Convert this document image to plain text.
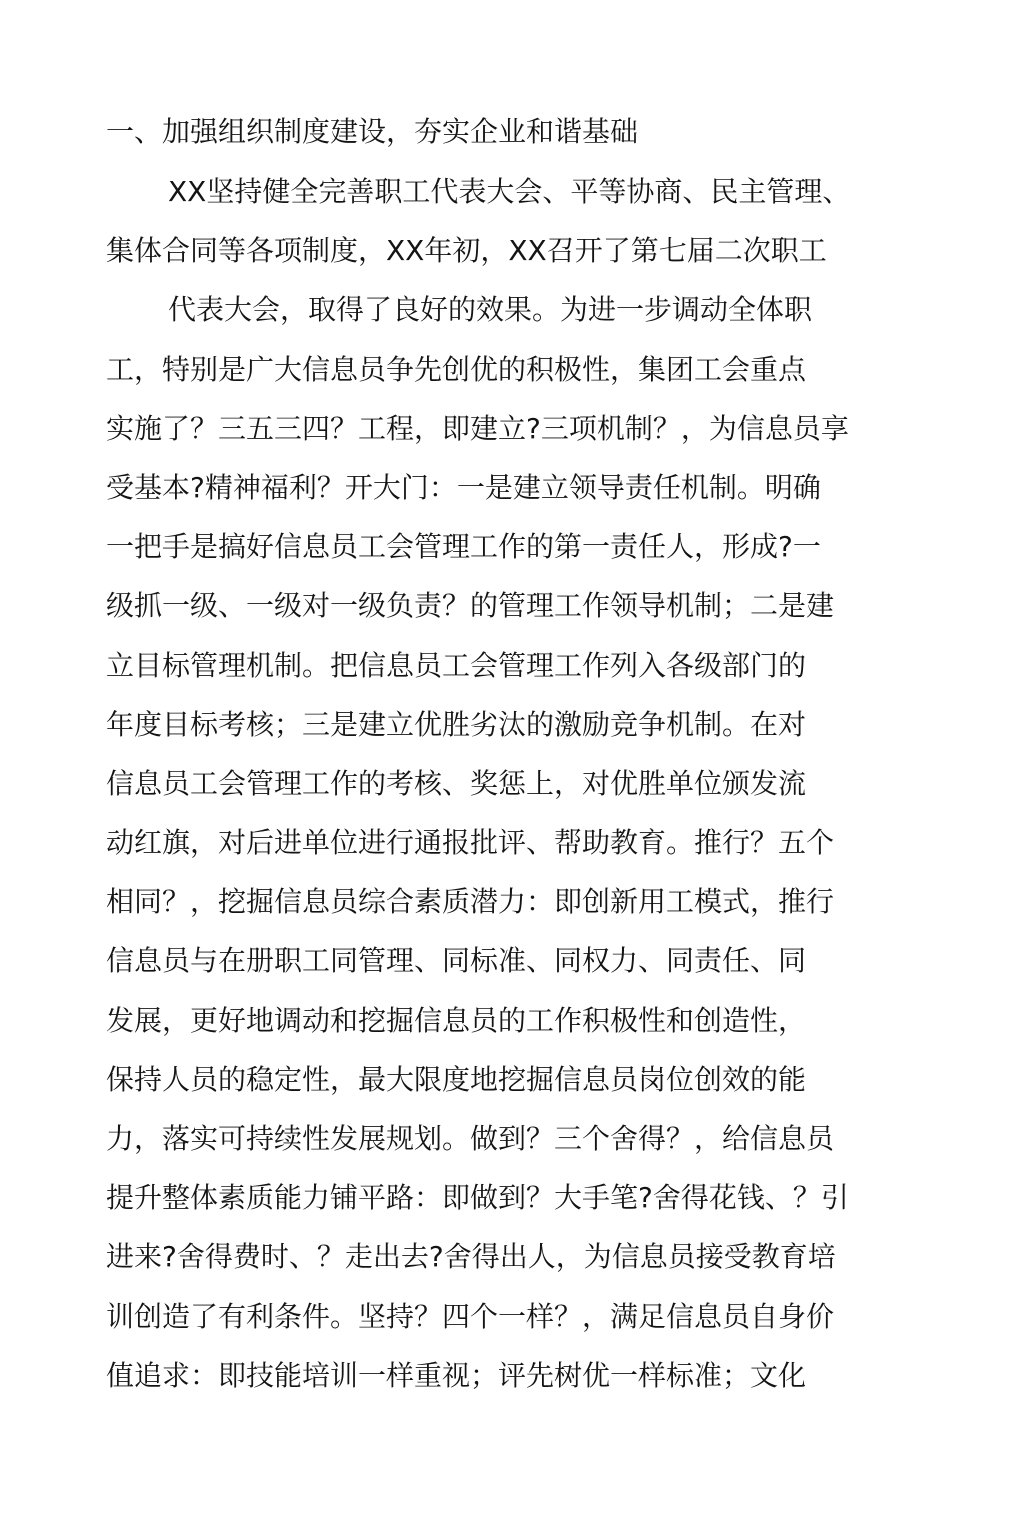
一、加强组织制度建设，夯实企业和谐基础
XX坚持健全完善职工代表大会、平等协商、民主管理、
集体合同等各项制度，XX年初，XX召开了第七届二次职工
代表大会，取得了良好的效果。为进一步调动全体职
工，特别是广大信息员争先创优的积极性，集团工会重点
实施了？三五三四？工程，即建立?三项机制？，为信息员享
受基本?精神福利？开大门：一是建立领导责任机制。明确
一把手是搞好信息员工会管理工作的第一责任人，形成?一
级抓一级、一级对一级负责？的管理工作领导机制；二是建
立目标管理机制。把信息员工会管理工作列入各级部门的
年度目标考核；三是建立优胜劣汰的激励竞争机制。在对
信息员工会管理工作的考核、奖惩上，对优胜单位颁发流
动红旗，对后进单位进行通报批评、帮助教育。推行？五个
相同？，挖掘信息员综合素质潜力：即创新用工模式，推行
信息员与在册职工同管理、同标准、同权力、同责任、同
发展，更好地调动和挖掘信息员的工作积极性和创造性，
保持人员的稳定性，最大限度地挖掘信息员岗位创效的能
力，落实可持续性发展规划。做到？三个舍得？，给信息员
提升整体素质能力铺平路：即做到？大手笔?舍得花钱、？引
进来?舍得费时、？走出去?舍得出人，为信息员接受教育培
训创造了有利条件。坚持？四个一样？，满足信息员自身价
值追求：即技能培训一样重视；评先树优一样标准；文化
